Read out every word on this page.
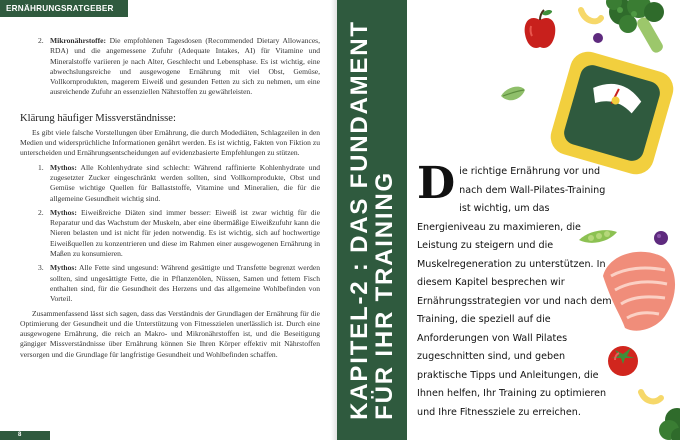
ERNÄHRUNGSRATGEBER
2. Mikronährstoffe: Die empfohlenen Tagesdosen (Recommended Dietary Allowances, RDA) und die angemessene Zufuhr (Adequate Intakes, AI) für Vitamine und Mineralstoffe variieren je nach Alter, Geschlecht und Lebensphase. Es ist wichtig, eine abwechslungsreiche und ausgewogene Ernährung mit viel Obst, Gemüse, Vollkornprodukten, magerem Eiweiß und gesunden Fetten zu sich zu nehmen, um eine ausreichende Zufuhr an essenziellen Nährstoffen zu gewährleisten.
Klärung häufiger Missverständnisse:
Es gibt viele falsche Vorstellungen über Ernährung, die durch Modediäten, Schlagzeilen in den Medien und widersprüchliche Informationen genährt werden. Es ist wichtig, Fakten von Fiktion zu unterscheiden und Ernährungsentscheidungen auf evidenzbasierte Empfehlungen zu stützen.
1. Mythos: Alle Kohlenhydrate sind schlecht: Während raffinierte Kohlenhydrate und zugesetzter Zucker eingeschränkt werden sollten, sind Vollkornprodukte, Obst und Gemüse wichtige Quellen für Ballaststoffe, Vitamine und Mineralien, die für die allgemeine Gesundheit wichtig sind.
2. Mythos: Eiweißreiche Diäten sind immer besser: Eiweiß ist zwar wichtig für die Reparatur und das Wachstum der Muskeln, aber eine übermäßige Eiweißzufuhr kann die Nieren belasten und ist nicht für jeden notwendig. Es ist wichtig, sich auf hochwertige Eiweißquellen zu konzentrieren und diese im Rahmen einer ausgewogenen Ernährung in Maßen zu konsumieren.
3. Mythos: Alle Fette sind ungesund: Während gesättigte und Transfette begrenzt werden sollten, sind ungesättigte Fette, die in Pflanzenölen, Nüssen, Samen und fettem Fisch enthalten sind, für die Gesundheit des Herzens und das allgemeine Wohlbefinden von Vorteil.
Zusammenfassend lässt sich sagen, dass das Verständnis der Grundlagen der Ernährung für die Optimierung der Gesundheit und die Unterstützung von Fitnesszielen unerlässlich ist. Durch eine ausgewogene Ernährung, die reich an Makro- und Mikronährstoffen ist, und die Beseitigung gängiger Missverständnisse über Ernährung können Sie Ihren Körper effektiv mit Nährstoffen versorgen und die Grundlage für langfristige Gesundheit und Wohlbefinden schaffen.
8
KAPITEL-2 : DAS FUNDAMENT
FÜR IHR TRAINING Die richtige Ernährung vor und nach dem Wall-Pilates-Training ist wichtig, um das Energieniveau zu maximieren, die Leistung zu steigern und die Muskelregeneration zu unterstützen. In diesem Kapitel besprechen wir Ernährungsstrategien vor und nach dem Training, die speziell auf die Anforderungen von Wall Pilates zugeschnitten sind, und geben praktische Tipps und Anleitungen, die Ihnen helfen, Ihr Training zu optimieren und Ihre Fitnessziele zu erreichen.
